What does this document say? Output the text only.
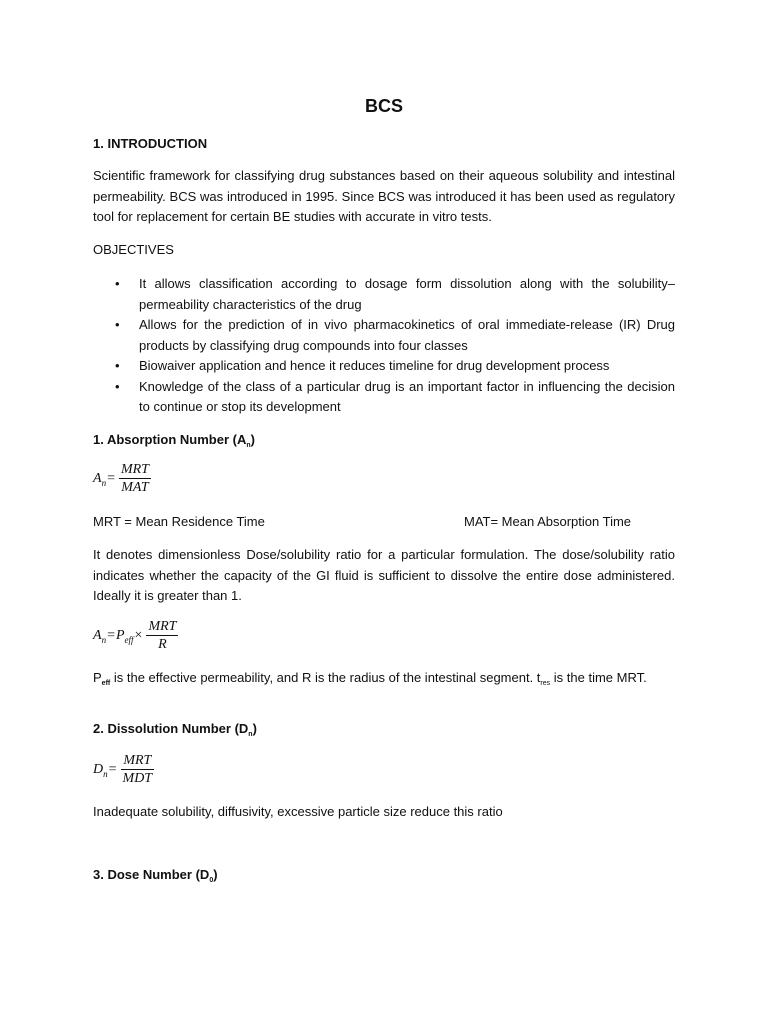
BCS
1. INTRODUCTION
Scientific framework for classifying drug substances based on their aqueous solubility and intestinal permeability. BCS was introduced in 1995. Since BCS was introduced it has been used as regulatory tool for replacement for certain BE studies with accurate in vitro tests.
OBJECTIVES
• It allows classification according to dosage form dissolution along with the solubility–permeability characteristics of the drug
• Allows for the prediction of in vivo pharmacokinetics of oral immediate-release (IR) Drug products by classifying drug compounds into four classes
• Biowaiver application and hence it reduces timeline for drug development process
• Knowledge of the class of a particular drug is an important factor in influencing the decision to continue or stop its development
1. Absorption Number $(A_n)$
$A_n= \frac{\text{MRT}}{\text{MAT}}$
MRT = Mean Residence Time	MAT= Mean Absorption Time
It denotes dimensionless Dose/solubility ratio for a particular formulation. The dose/solubility ratio indicates whether the capacity of the GI fluid is sufficient to dissolve the entire dose administered. Ideally it is greater than 1.
$A_n=P_{eff}\times \frac{\text{MRT}}{R}$
$P_{eff}$ is the effective permeability, and R is the radius of the intestinal segment. $t_{res}$ is the time MRT.
2. Dissolution Number $(D_n)$
$D_n= \frac{\text{MRT}}{\text{MDT}}$
Inadequate solubility, diffusivity, excessive particle size reduce this ratio
3. Dose Number $(D_0)$
